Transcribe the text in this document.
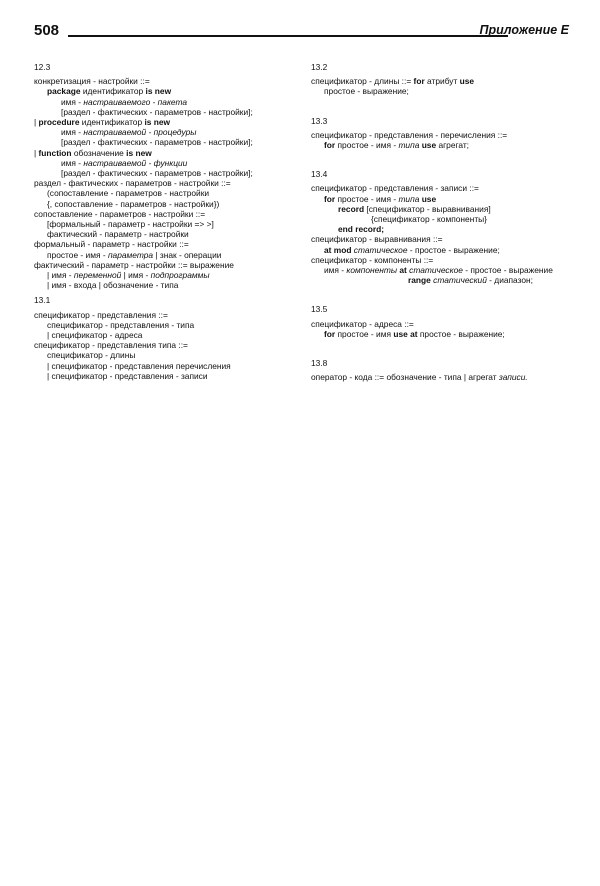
508	Приложение Е
12.3
конкретизация - настройки ::=
package идентификатор is new
имя - настраиваемого - пакета
[раздел - фактических - параметров - настройки];
| procedure идентификатор is new
имя - настраиваемой - процедуры
[раздел - фактических - параметров - настройки];
| function обозначение is new
имя - настраиваемой - функции
[раздел - фактических - параметров - настройки];
раздел - фактических - параметров - настройки ::=
(сопоставление - параметров - настройки
{, сопоставление - параметров - настройки})
сопоставление - параметров - настройки ::=
[формальный - параметр - настройки => >]
фактический - параметр - настройки
формальный - параметр - настройки ::=
простое - имя - параметра | знак - операции
фактический - параметр - настройки ::= выражение
| имя - переменной | имя - подпрограммы
| имя - входа | обозначение - типа
13.1
спецификатор - представления ::=
спецификатор - представления - типа
| спецификатор - адреса
спецификатор - представления типа ::=
спецификатор - длины
| спецификатор - представления перечисления
| спецификатор - представления - записи
13.2
спецификатор - длины ::= for атрибут use
простое - выражение;
13.3
спецификатор - представления - перечисления ::=
for простое - имя - типа use агрегат;
13.4
спецификатор - представления - записи ::=
for простое - имя - типа use
record [спецификатор - выравнивания]
{спецификатор - компоненты}
end record;
спецификатор - выравнивания ::=
at mod статическое - простое - выражение;
спецификатор - компоненты ::=
имя - компоненты at статическое - простое - выражение
range статический - диапазон;
13.5
спецификатор - адреса ::=
for простое - имя use at простое - выражение;
13.8
оператор - кода ::= обозначение - типа | агрегат записи.
